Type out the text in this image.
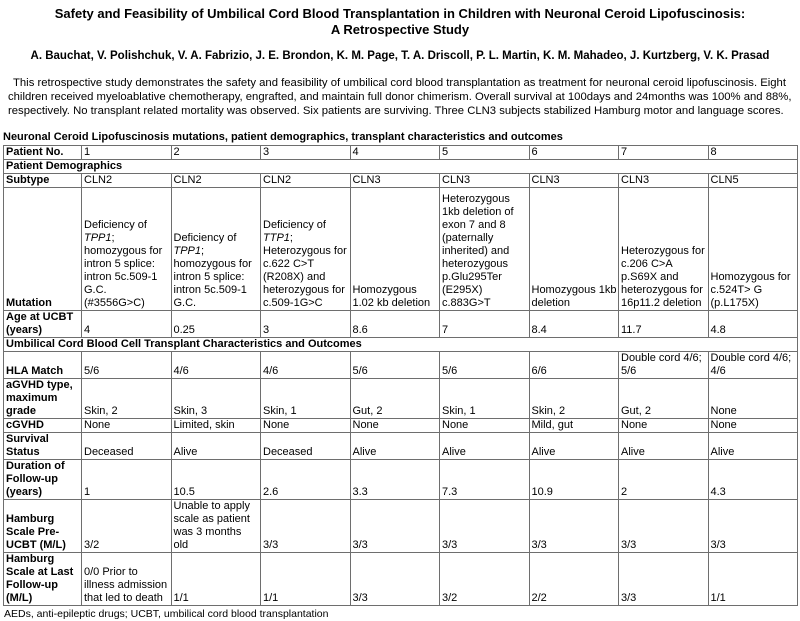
Safety and Feasibility of Umbilical Cord Blood Transplantation in Children with Neuronal Ceroid Lipofuscinosis:
A Retrospective Study
A. Bauchat, V. Polishchuk, V. A. Fabrizio, J. E. Brondon, K. M. Page, T. A. Driscoll, P. L. Martin, K. M. Mahadeo, J. Kurtzberg, V. K. Prasad
This retrospective study demonstrates the safety and feasibility of umbilical cord blood transplantation as treatment for neuronal ceroid lipofuscinosis. Eight children received myeloablative chemotherapy, engrafted, and maintain full donor chimerism. Overall survival at 100days and 24months was 100% and 88%, respectively. No transplant related mortality was observed. Six patients are surviving. Three CLN3 subjects stabilized Hamburg motor and language scores.
Neuronal Ceroid Lipofuscinosis mutations, patient demographics, transplant characteristics and outcomes
Patient No.	1	2	3	4	5	6	7	8
Patient Demographics								
Subtype	CLN2	CLN2	CLN2	CLN3	CLN3	CLN3	CLN3	CLN5
Mutation	Deficiency of TPP1; homozygous for intron 5 splice: intron 5c.509-1 G.C. (#3556G>C)	Deficiency of TPP1; homozygous for intron 5 splice: intron 5c.509-1 G.C.	Deficiency of TTP1; Heterozygous for c.622 C>T (R208X) and heterozygous for c.509-1G>C	Homozygous 1.02 kb deletion	Heterozygous 1kb deletion of exon 7 and 8 (paternally inherited) and heterozygous p.Glu295Ter (E295X) c.883G>T	Homozygous 1kb deletion	Heterozygous for c.206 C>A p.S69X and heterozygous for 16p11.2 deletion	Homozygous for c.524T> G (p.L175X)
Age at UCBT (years)	4	0.25	3	8.6	7	8.4	11.7	4.8
Umbilical Cord Blood Cell Transplant Characteristics and Outcomes								
HLA Match	5/6	4/6	4/6	5/6	5/6	6/6	Double cord 4/6; 5/6	Double cord 4/6; 4/6
aGVHD type, maximum grade	Skin, 2	Skin, 3	Skin, 1	Gut, 2	Skin, 1	Skin, 2	Gut, 2	None
cGVHD	None	Limited, skin	None	None	None	Mild, gut	None	None
Survival Status	Deceased	Alive	Deceased	Alive	Alive	Alive	Alive	Alive
Duration of Follow-up (years)	1	10.5	2.6	3.3	7.3	10.9	2	4.3
Hamburg Scale Pre-UCBT (M/L)	3/2	Unable to apply scale as patient was 3 months old	3/3	3/3	3/3	3/3	3/3	3/3
Hamburg Scale at Last Follow-up (M/L)	0/0 Prior to illness admission that led to death	1/1	1/1	3/3	3/2	2/2	3/3	1/1
AEDs, anti-epileptic drugs; UCBT, umbilical cord blood transplantation
